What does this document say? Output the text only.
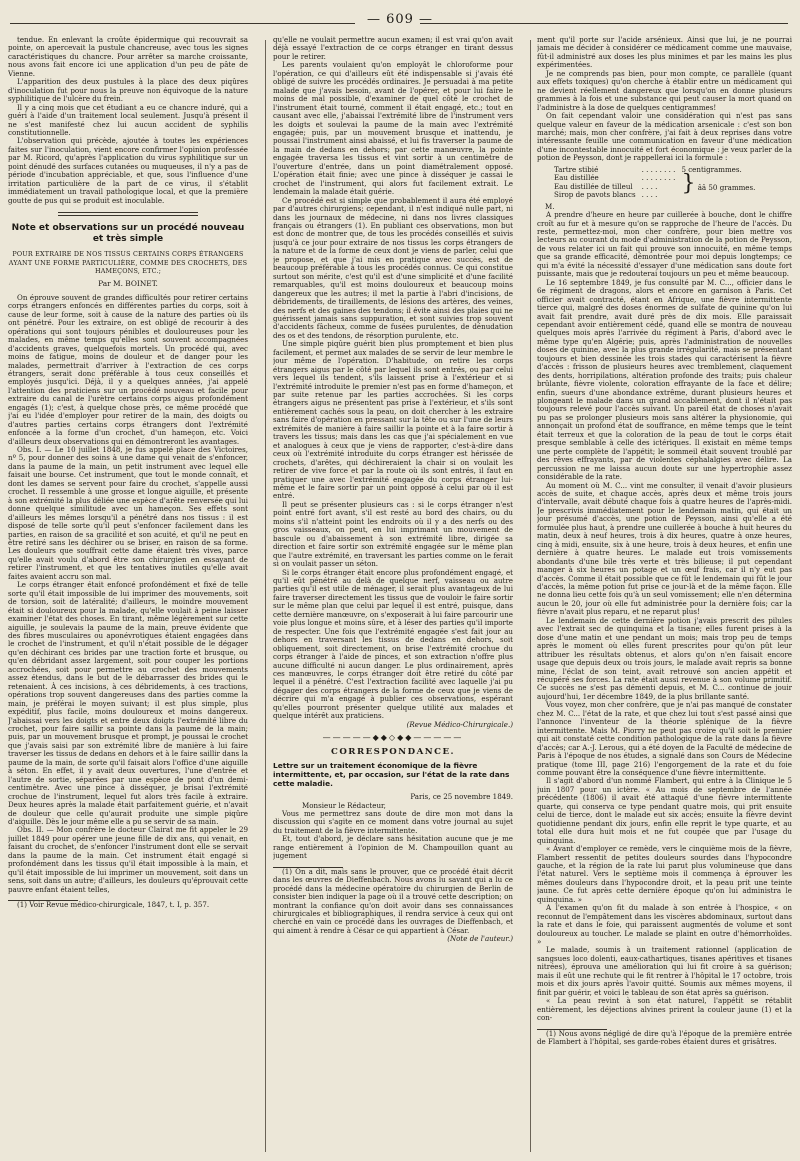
— 609 —

tendue. En enlevant la croûte épidermique qui recouvrait sa pointe, on apercevait la pustule chancreuse, avec tous les signes caractéristiques du chancre. Pour arrêter sa marche croissante, nous avons fait encore ici une application d'un peu de pâte de Vienne.

L'apparition des deux pustules à la place des deux piqûres d'inoculation fut pour nous la preuve non équivoque de la nature syphilitique de l'ulcère du frein.

Il y a cinq mois que cet étudiant a eu ce chancre induré, qui a guéri à l'aide d'un traitement local seulement. Jusqu'à présent il ne s'est manifesté chez lui aucun accident de syphilis constitutionnelle.

L'observation qui précède, ajoutée à toutes les expériences faites sur l'inoculation, vient encore confirmer l'opinion professée par M. Ricord, qu'après l'application du virus syphilitique sur un point dénudé des surfaces cutanées ou muqueuses, il n'y a pas de période d'incubation appréciable, et que, sous l'influence d'une irritation particulière de la part de ce virus, il s'établit immédiatement un travail pathologique local, et que la première goutte de pus qui se produit est inoculable.

Note et observations sur un procédé nouveau et très simple

POUR EXTRAIRE DE NOS TISSUS CERTAINS CORPS ÉTRANGERS AYANT UNE FORME PARTICULIÈRE, COMME DES CROCHETS, DES HAMEÇONS, ETC.;

Par M. BOINET.

On éprouve souvent de grandes difficultés pour retirer certains corps étrangers enfoncés en différentes parties du corps, soit à cause de leur forme, soit à cause de la nature des parties où ils ont pénétré. Pour les extraire, on est obligé de recourir à des opérations qui sont toujours pénibles et douloureuses pour les malades, en même temps qu'elles sont souvent accompagnées d'accidents graves, quelquefois mortels. Un procédé qui, avec moins de fatigue, moins de douleur et de danger pour les malades, permettrait d'arriver à l'extraction de ces corps étrangers, serait donc préférable à tous ceux conseillés et employés jusqu'ici. Déjà, il y a quelques années, j'ai appelé l'attention des praticiens sur un procédé nouveau et facile pour extraire du canal de l'urètre certains corps aigus profondément engagés (1); c'est, à quelque chose près, ce même procédé que j'ai eu l'idée d'employer pour retirer de la main, des doigts ou d'autres parties certains corps étrangers dont l'extrémité enfoncée a la forme d'un crochet, d'un hameçon, etc. Voici d'ailleurs deux observations qui en démontreront les avantages.

Obs. I. — Le 10 juillet 1848, je fus appelé place des Victoires, nº 5, pour donner des soins à une dame qui venait de s'enfoncer, dans la paume de la main, un petit instrument avec lequel elle faisait une bourse. Cet instrument, que tout le monde connaît, et dont les dames se servent pour faire du crochet, s'appelle aussi crochet. Il ressemble à une grosse et longue aiguille, et présente à son extrémité la plus déliée une espèce d'arête renversée qui lui donne quelque similitude avec un hameçon. Ses effets sont d'ailleurs les mêmes lorsqu'il a pénétré dans nos tissus : il est disposé de telle sorte qu'il peut s'enfoncer facilement dans les parties, en raison de sa gracilité et son acuité, et qu'il ne peut en être retiré sans les déchirer ou se briser, en raison de sa forme. Les douleurs que souffrait cette dame étaient très vives, parce qu'elle avait voulu d'abord être son chirurgien en essayant de retirer l'instrument, et que les tentatives inutiles qu'elle avait faites avaient accru son mal.

Le corps étranger était enfoncé profondément et fixé de telle sorte qu'il était impossible de lui imprimer des mouvements, soit de torsion, soit de latéralité; d'ailleurs, le moindre mouvement était si douloureux pour la malade, qu'elle voulait à peine laisser examiner l'état des choses. En tirant, même légèrement sur cette aiguille, je soulevais la paume de la main, preuve évidente que des fibres musculaires ou aponévrotiques étaient engagées dans le crochet de l'instrument, et qu'il n'était possible de le dégager qu'en déchirant ces brides par une traction forte et brusque, ou qu'en débridant assez largement, soit pour couper les portions accrochées, soit pour permettre au crochet des mouvements assez étendus, dans le but de le débarrasser des brides qui le retenaient. À ces incisions, à ces débridements, à ces tractions, opérations trop souvent dangereuses dans des parties comme la main, je préférai le moyen suivant; il est plus simple, plus expéditif, plus facile, moins douloureux et moins dangereux. J'abaissai vers les doigts et entre deux doigts l'extrémité libre du crochet, pour faire saillir sa pointe dans la paume de la main; puis, par un mouvement brusque et prompt, je poussai le crochet que j'avais saisi par son extrémité libre de manière à lui faire traverser les tissus de dedans en dehors et à le faire saillir dans la paume de la main, de sorte qu'il faisait alors l'office d'une aiguille à séton. En effet, il y avait deux ouvertures, l'une d'entrée et l'autre de sortie, séparées par une espèce de pont d'un demi-centimètre. Avec une pince à disséquer, je brisai l'extrémité crochue de l'instrument, lequel fut alors très facile à extraire. Deux heures après la malade était parfaitement guérie, et n'avait de douleur que celle qu'aurait produite une simple piqûre d'aiguille. Dès le jour même elle a pu se servir de sa main.

Obs. II. — Mon confrère le docteur Clairat me fit appeler le 29 juillet 1849 pour opérer une jeune fille de dix ans, qui venait, en faisant du crochet, de s'enfoncer l'instrument dont elle se servait dans la paume de la main. Cet instrument était engagé si profondément dans les tissus qu'il était impossible à la main, et qu'il était impossible de lui imprimer un mouvement, soit dans un sens, soit dans un autre; d'ailleurs, les douleurs qu'éprouvait cette pauvre enfant étaient telles,

(1) Voir Revue médico-chirurgicale, 1847, t. I, p. 357.

qu'elle ne voulait permettre aucun examen; il est vrai qu'on avait déjà essayé l'extraction de ce corps étranger en tirant dessus pour le retirer.

Les parents voulaient qu'on employât le chloroforme pour l'opération, ce qui d'ailleurs eût été indispensable si j'avais été obligé de suivre les procédés ordinaires. Je persuadai à ma petite malade que j'avais besoin, avant de l'opérer, et pour lui faire le moins de mal possible, d'examiner de quel côté le crochet de l'instrument était tourné, comment il était engagé, etc.; tout en causant avec elle, j'abaissai l'extrémité libre de l'instrument vers les doigts et soulevai la paume de la main avec l'extrémité engagée; puis, par un mouvement brusque et inattendu, je poussai l'instrument ainsi abaissé, et lui fis traverser la paume de la main de dedans en dehors; par cette manœuvre, la pointe engagée traversa les tissus et vint sortir à un centimètre de l'ouverture d'entrée, dans un point diamétralement opposé. L'opération était finie; avec une pince à disséquer je cassai le crochet de l'instrument, qui alors fut facilement extrait. Le lendemain la malade était guérie.

Ce procédé est si simple que probablement il aura été employé par d'autres chirurgiens; cependant, il n'est indiqué nulle part, ni dans les journaux de médecine, ni dans nos livres classiques français ou étrangers (1). En publiant ces observations, mon but est donc de montrer que, de tous les procédés conseillés et suivis jusqu'à ce jour pour extraire de nos tissus les corps étrangers de la nature et de la forme de ceux dont je viens de parler, celui que je propose, et que j'ai mis en pratique avec succès, est de beaucoup préférable à tous les procédés connus. Ce qui constitue surtout son mérite, c'est qu'il est d'une simplicité et d'une facilité remarquables, qu'il est moins douloureux et beaucoup moins dangereux que les autres; il met la partie à l'abri d'incisions, de débridements, de tiraillements, de lésions des artères, des veines, des nerfs et des gaines des tendons; il évite ainsi des plaies qui ne guérissent jamais sans suppuration, et sont suivies trop souvent d'accidents fâcheux, comme de fusées purulentes, de dénudation des os et des tendons, de résorption purulente, etc.

Une simple piqûre guérit bien plus promptement et bien plus facilement, et permet aux malades de se servir de leur membre le jour même de l'opération. D'habitude, on retire les corps étrangers aigus par le côté par lequel ils sont entrés, ou par celui vers lequel ils tendent, s'ils laissent prise à l'extérieur et si l'extrémité introduite le premier n'est pas en forme d'hameçon, et par suite retenue par les parties accrochées. Si les corps étrangers aigus ne présentent pas prise à l'extérieur, et s'ils sont entièrement cachés sous la peau, on doit chercher à les extraire sans faire d'opération en pressant sur la tête ou sur l'une de leurs extrémités de manière à faire saillir la pointe et à la faire sortir à travers les tissus; mais dans les cas que j'ai spécialement en vue et analogues à ceux que je viens de rapporter, c'est-à-dire dans ceux où l'extrémité introduite du corps étranger est hérissée de crochets, d'arêtes, qui déchireraient la chair si on voulait les retirer de vive force et par la route où ils sont entrés, il faut en pratiquer une avec l'extrémité engagée du corps étranger lui-même et le faire sortir par un point opposé à celui par où il est entré.

Il peut se présenter plusieurs cas : si le corps étranger n'est point entré fort avant, s'il est resté au bord des chairs, ou du moins s'il n'atteint point les endroits où il y a des nerfs ou des gros vaisseaux, on peut, en lui imprimant un mouvement de bascule ou d'abaissement à son extrémité libre, dirigée sa direction et faire sortir son extrémité engagée sur le même plan que l'autre extrémité, en traversant les parties comme on le ferait si on voulait passer un séton.

Si le corps étranger était encore plus profondément engagé, et qu'il eût pénétré au delà de quelque nerf, vaisseau ou autre parties qu'il est utile de ménager, il serait plus avantageux de lui faire traverser directement les tissus que de vouloir le faire sortir sur le même plan que celui par lequel il est entré, puisque, dans cette dernière manœuvre, on s'exposerait à lui faire parcourir une voie plus longue et moins sûre, et à léser des parties qu'il importe de respecter. Une fois que l'extrémité engagée s'est fait jour au dehors en traversant les tissus de dedans en dehors, soit obliquement, soit directement, on brise l'extrémité crochue du corps étranger à l'aide de pinces, et son extraction n'offre plus aucune difficulté ni aucun danger. Le plus ordinairement, après ces manœuvres, le corps étranger doit être retiré du côté par lequel il a pénétré. C'est l'extraction facilité avec laquelle j'ai pu dégager des corps étrangers de la forme de ceux que je viens de décrire qui m'a engagé à publier ces observations, espérant qu'elles pourront présenter quelque utilité aux malades et quelque intérêt aux praticiens.

(Revue Médico-Chirurgicale.)

—————◆◆◇◆◆—————

CORRESPONDANCE.

Lettre sur un traitement économique de la fièvre intermittente, et, par occasion, sur l'état de la rate dans cette maladie.

Paris, ce 25 novembre 1849.

Monsieur le Rédacteur,

Vous me permettrez sans doute de dire mon mot dans la discussion qui s'agite en ce moment dans votre journal au sujet du traitement de la fièvre intermittente.

Et, tout d'abord, je déclare sans hésitation aucune que je me range entièrement à l'opinion de M. Champouillon quant au jugement

(1) On a dit, mais sans le prouver, que ce procédé était décrit dans les œuvres de Dieffenbach. Nous avons lu savant qui a lu ce procédé dans la médecine opératoire du chirurgien de Berlin de consister bien indiquer la page où il a trouvé cette description; on montrant la confiance qu'on doit avoir dans ses connaissances chirurgicales et bibliographiques, il rendra service à ceux qui ont cherché en vain ce procédé dans les ouvrages de Dieffenbach, et qui aiment à rendre à César ce qui appartient à César.

(Note de l'auteur.)

ment qu'il porte sur l'acide arsénieux. Ainsi que lui, je ne pourrai jamais me décider à considérer ce médicament comme une mauvaise, fût-il administré aux doses les plus minimes et par les mains les plus expérimentées.

Je ne comprends pas bien, pour mon compte, ce parallèle (quant aux effets toxiques) qu'on cherche à établir entre un médicament qui ne devient réellement dangereux que lorsqu'on en donne plusieurs grammes à la fois et une substance qui peut causer la mort quand on l'administre à la dose de quelques centigrammes!

On fait cependant valoir une considération qui n'est pas sans quelque valeur en faveur de la médication arsenicale : c'est son bon marché; mais, mon cher confrère, j'ai fait à deux reprises dans votre intéressante feuille une communication en faveur d'une médication d'une incontestable innocuité et fort économique : je veux parler de la potion de Peysson, dont je rappellerai ici la formule :

Tartre stibié	. . . . . . . .	5 centigrammes.
Eau distillée	. . . . . . . .	} ââ 50 grammes.
Eau distillée de tilleul	. . . .	
Sirop de pavots blancs	. . . .	

M.

A prendre d'heure en heure par cuillerée à bouche, dont le chiffre croît au fur et à mesure qu'on se rapproche de l'heure de l'accès. Du reste, permettez-moi, mon cher confrère, pour bien mettre vos lecteurs au courant du mode d'administration de la potion de Peysson, de vous relater ici un fait qui prouve son innocuité, en même temps que sa grande efficacité, démontrée pour moi depuis longtemps; ce qui m'a évité la nécessité d'essayer d'une médication sans doute fort puissante, mais que je redouterai toujours un peu et même beaucoup.

Le 16 septembre 1849, je fus consulté par M. C..., officier dans le 6e régiment de dragons, alors et encore en garnison à Paris. Cet officier avait contracté, étant en Afrique, une fièvre intermittente tierce qui, malgré des doses énormes de sulfate de quinine qu'on lui avait fait prendre, avait duré près de dix mois. Elle paraissait cependant avoir entièrement cédé, quand elle se montra de nouveau quelques mois après l'arrivée du régiment à Paris, d'abord avec le même type qu'en Algérie; puis, après l'administration de nouvelles doses de quinine, avec la plus grande irrégularité, mais se présentant toujours et bien dessinée les trois stades qui caractérisent la fièvre d'accès : frisson de plusieurs heures avec tremblement, claquement des dents, horripilations, altération profonde des traits; puis chaleur brûlante, fièvre violente, coloration effrayante de la face et délire; enfin, sueurs d'une abondance extrême, durant plusieurs heures et plongeant le malade dans un grand accablement, dont il n'était pas toujours relevé pour l'accès suivant. Un pareil état de choses n'avait pu pas se prolonger plusieurs mois sans altérer la physionomie, qui annonçait un profond état de souffrance, en même temps que le teint était terreux et que la coloration de la peau de tout le corps était presque semblable à celle des ictériques. Il existait en même temps une perte complète de l'appétit; le sommeil était souvent troublé par des rêves effrayants, par de violentes céphalalgies avec délire. La percussion ne me laissa aucun doute sur une hypertrophie assez considérable de la rate.

Au moment où M. C... vint me consulter, il venait d'avoir plusieurs accès de suite, et chaque accès, après deux et même trois jours d'intervalle, avait débuté chaque fois à quatre heures de l'après-midi. Je prescrivis immédiatement pour le lendemain matin, qui était un jour présumé d'accès, une potion de Peysson, ainsi qu'elle a été formulée plus haut, à prendre une cuillerée à bouche à huit heures du matin, deux à neuf heures, trois à dix heures, quatre à onze heures, cinq à midi, ensuite, six à une heure, trois à deux heures, et enfin une dernière à quatre heures. Le malade eut trois vomissements abondants d'une bile très verte et très bilieuse; il put cependant manger à six heures un potage et un œuf frais, car il n'y eut pas d'accès. Comme il était possible que ce fût le lendemain qui fût le jour d'accès, la même potion fut prise ce jour-là et de la même façon. Elle ne donna lieu cette fois qu'à un seul vomissement; elle n'en détermina aucun le 20, jour où elle fut administrée pour la dernière fois; car la fièvre n'avait plus reparu, et ne reparut plus!

Le lendemain de cette dernière potion j'avais prescrit des pilules avec l'extrait sec de quinquina et la tisane; elles furent prises à la dose d'une matin et une pendant un mois; mais trop peu de temps après le moment où elles furent prescrites pour qu'on pût leur attribuer les résultats obtenus, et alors qu'on n'en faisait encore usage que depuis deux ou trois jours, le malade avait repris sa bonne mine, l'éclat de son teint, avait retrouvé son ancien appétit et récupéré ses forces. La rate était aussi revenue à son volume primitif. Ce succès ne s'est pas démenti depuis, et M. C... continue de jouir aujourd'hui, 1er décembre 1849, de la plus brillante santé.

Vous voyez, mon cher confrère, que je n'ai pas manqué de constater chez M. C... l'état de la rate, et que chez lui tout s'est passé ainsi que l'annonce l'inventeur de la théorie splénique de la fièvre intermittente. Mais M. Piorry ne peut pas croire qu'il soit le premier qui ait constaté cette condition pathologique de la rate dans la fièvre d'accès; car A.-J. Lerous, qui a été doyen de la Faculté de médecine de Paris à l'époque de nos études, a signalé dans son Cours de Médecine pratique (tome III, page 216) l'engorgement de la rate et du foie comme pouvant être la conséquence d'une fièvre intermittente.

Il s'agit d'abord d'un nommé Flambert, qui entre à la Clinique le 5 juin 1807 pour un ictère. « Au mois de septembre de l'année précédente (1806) il avait été attaqué d'une fièvre intermittente quarte, qui conserva ce type pendant quatre mois, qui prit ensuite celui de tierce, dont le malade eut six accès; ensuite la fièvre devint quotidienne pendant dix jours, enfin elle reprit le type quarte, et au total elle dura huit mois et ne fut coupée que par l'usage du quinquina.

« Avant d'employer ce remède, vers le cinquième mois de la fièvre, Flambert ressentit de petites douleurs sourdes dans l'hypocondre gauche, et la région de la rate lui parut plus volumineuse que dans l'état naturel. Vers le septième mois il commença à éprouver les mêmes douleurs dans l'hypocondre droit, et la peau prit une teinte jaune. Ce fut après cette dernière époque qu'on lui administra le quinquina. »

A l'examen qu'on fit du malade à son entrée à l'hospice, « on reconnut de l'empâtement dans les viscères abdominaux, surtout dans la rate et dans le foie, qui paraissent augmentés de volume et sont douloureux au toucher. Le malade se plaint en outre d'hémorrhoïdes. »

Le malade, soumis à un traitement rationnel (application de sangsues loco dolenti, eaux-cathartiques, tisanes apéritives et tisanes nitrées), éprouva une amélioration qui lui fit croire à sa guérison; mais il eût une rechute qui le fit rentrer à l'hôpital le 17 octobre, trois mois et dix jours après l'avoir quitté. Soumis aux mêmes moyens, il finit par guérir, et voici le tableau de son état après sa guérison.

« La peau revint à son état naturel, l'appétit se rétablit entièrement, les déjections alvines prirent la couleur jaune (1) et la con-

(1) Nous avons négligé de dire qu'à l'époque de la première entrée de Flambert à l'hôpital, ses garde-robes étaient dures et grisâtres.
